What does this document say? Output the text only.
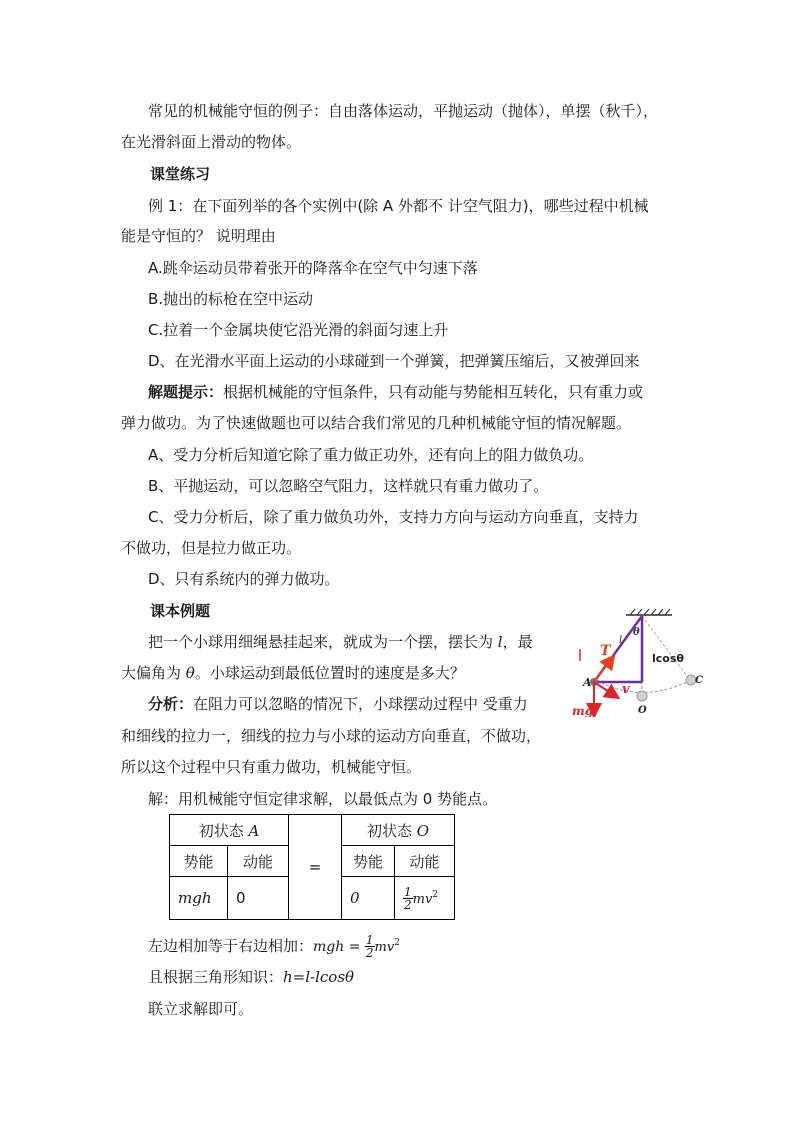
常见的机械能守恒的例子：自由落体运动，平抛运动（抛体），单摆（秋千），
在光滑斜面上滑动的物体。
课堂练习
例 1：在下面列举的各个实例中(除 A 外都不 计空气阻力)，哪些过程中机械
能是守恒的？ 说明理由
A.跳伞运动员带着张开的降落伞在空气中匀速下落
B.抛出的标枪在空中运动
C.拉着一个金属块使它沿光滑的斜面匀速上升
D、在光滑水平面上运动的小球碰到一个弹簧，把弹簧压缩后，又被弹回来
解题提示：根据机械能的守恒条件，只有动能与势能相互转化，只有重力或
弹力做功。为了快速做题也可以结合我们常见的几种机械能守恒的情况解题。
A、受力分析后知道它除了重力做正功外，还有向上的阻力做负功。
B、平抛运动，可以忽略空气阻力，这样就只有重力做功了。
C、受力分析后，除了重力做负功外，支持力方向与运动方向垂直，支持力
不做功，但是拉力做正功。
D、只有系统内的弹力做功。
课本例题
把一个小球用细绳悬挂起来，就成为一个摆，摆长为 l，最
大偏角为 θ。小球运动到最低位置时的速度是多大？
分析：在阻力可以忽略的情况下，小球摆动过程中 受重力
和细线的拉力一，细线的拉力与小球的运动方向垂直，不做功，
所以这个过程中只有重力做功，机械能守恒。
解：用机械能守恒定律求解，以最低点为 0 势能点。
初状态 A		=	初状态 O	
势能	动能		势能	动能
mgh	0		0	$\frac{1}{2} mv^2$
左边相加等于右边相加：mgh = $\frac{1}{2} mv^2$
且根据三角形知识：h=l-lcosθ
联立求解即可。
T
l
θ
lcosθ
A v
O
C
mg
